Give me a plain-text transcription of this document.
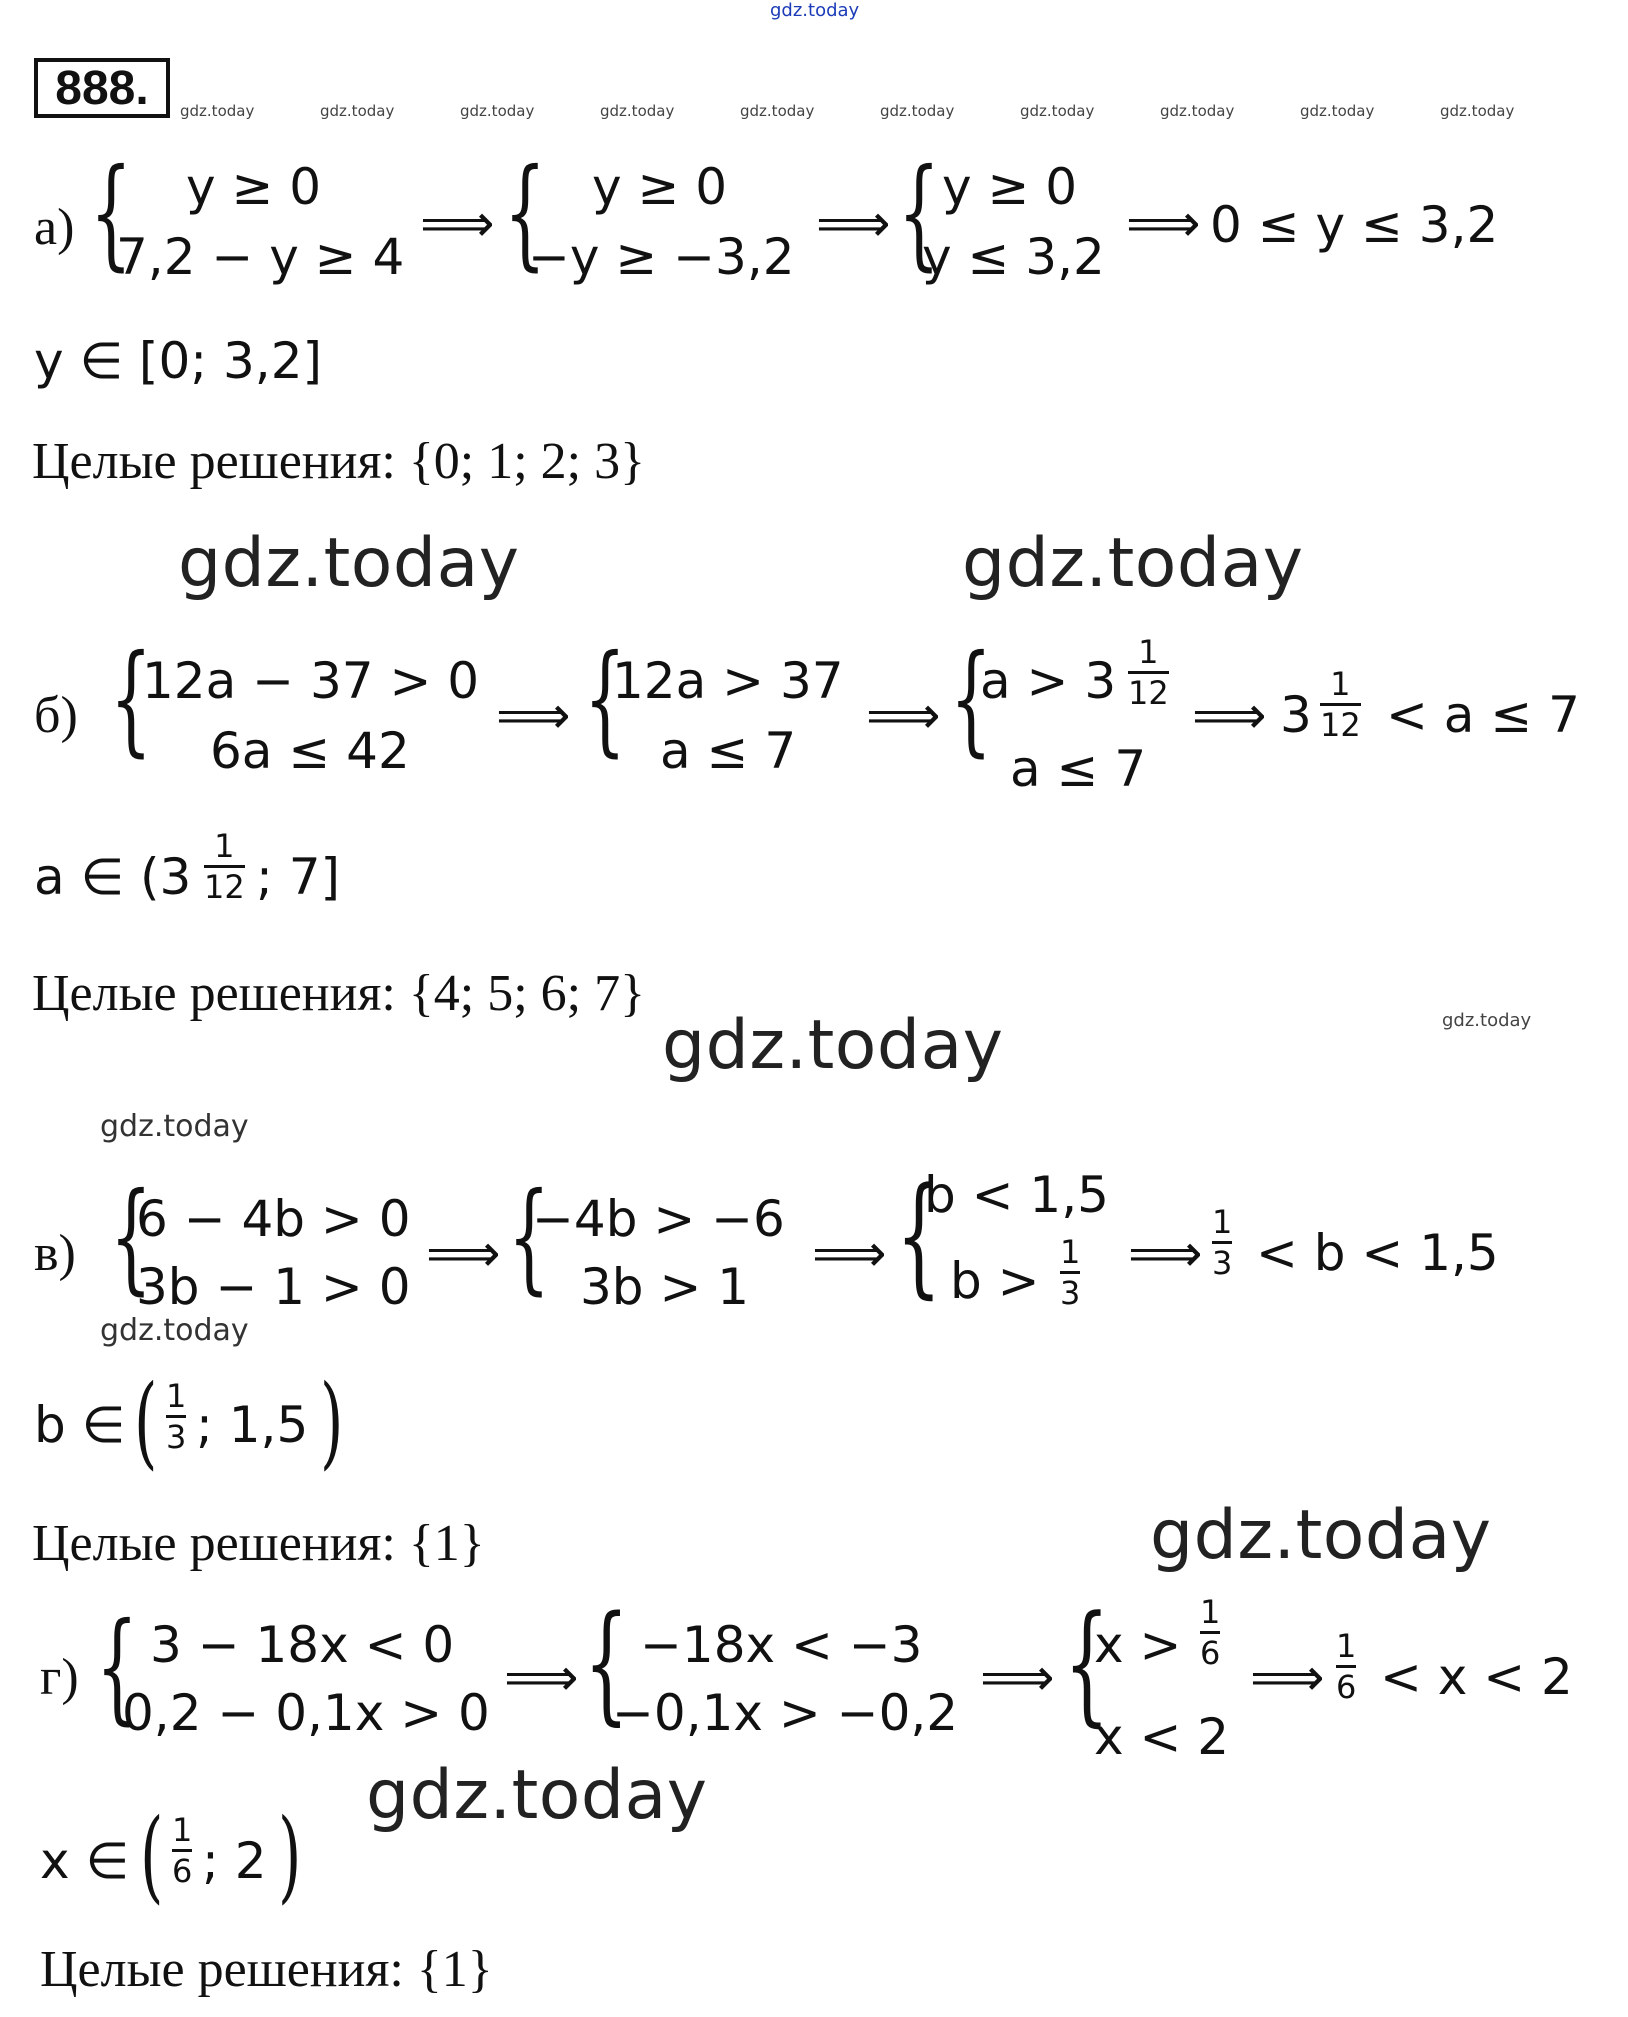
gdz.today
888.	gdz.today	gdz.today	gdz.today	gdz.today	gdz.today	gdz.today	gdz.today	gdz.today	gdz.today	gdz.today
а) { y ≥ 0
7,2 − y ≥ 4
⟹ { y ≥ 0
−y ≥ −3,2
⟹ { y ≥ 0
y ≤ 3,2
⟹ 0 ≤ y ≤ 3,2
y ∈ [0; 3,2]
Целые решения: {0; 1; 2; 3}
gdz.today	gdz.today
б) {
12a − 37 > 0
6a ≤ 42
⟹ {
12a > 37
a ≤ 7
⟹ {
a > 3 1
12
a ≤ 7
⟹ 3
1
12 < a ≤ 7
a ∈ (3
1
12 ; 7]
Целые решения: {4; 5; 6; 7}	gdz.today
gdz.today
gdz.today
в) {
6 − 4b > 0
3b − 1 > 0
⟹ {
−4b > −6
3b > 1
⟹ {
b < 1,5
b > 1
3
⟹
1
3 < b < 1,5
gdz.today
b ∈ ( 1
3 ; 1,5 )
Целые решения: {1}	gdz.today
г) { 3 − 18x < 0
0,2 − 0,1x > 0
⟹ { −18x < −3
−0,1x > −0,2
⟹ {
x >
1
6
x < 2
⟹
1
6 < x < 2
gdz.today
x ∈ ( 1
6 ; 2 )
Целые решения: {1}
